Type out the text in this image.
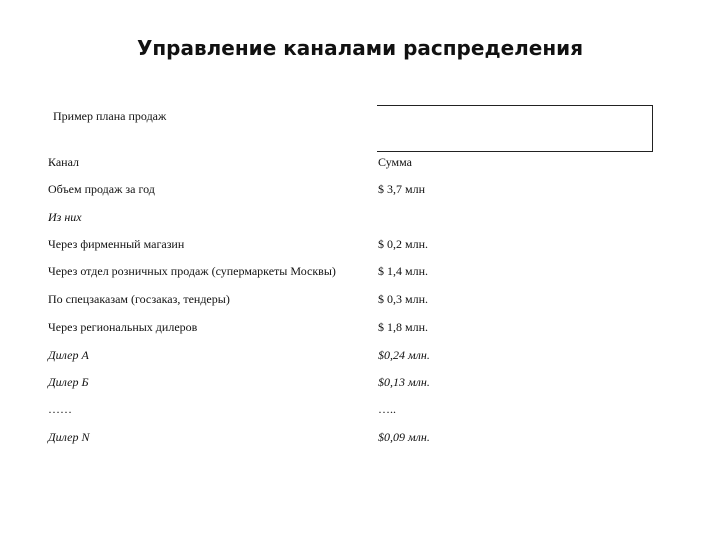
Управление каналами распределения
Пример плана продаж
Канал	Сумма
Объем продаж за год	$ 3,7 млн
Из них
Через фирменный магазин	$ 0,2 млн.
Через отдел розничных продаж (супермаркеты Москвы)	$ 1,4 млн.
По спецзаказам (госзаказ, тендеры)	$ 0,3 млн.
Через региональных дилеров	$ 1,8 млн.
Дилер А	$0,24 млн.
Дилер Б	$0,13 млн.
……	…..
Дилер N	$0,09 млн.
